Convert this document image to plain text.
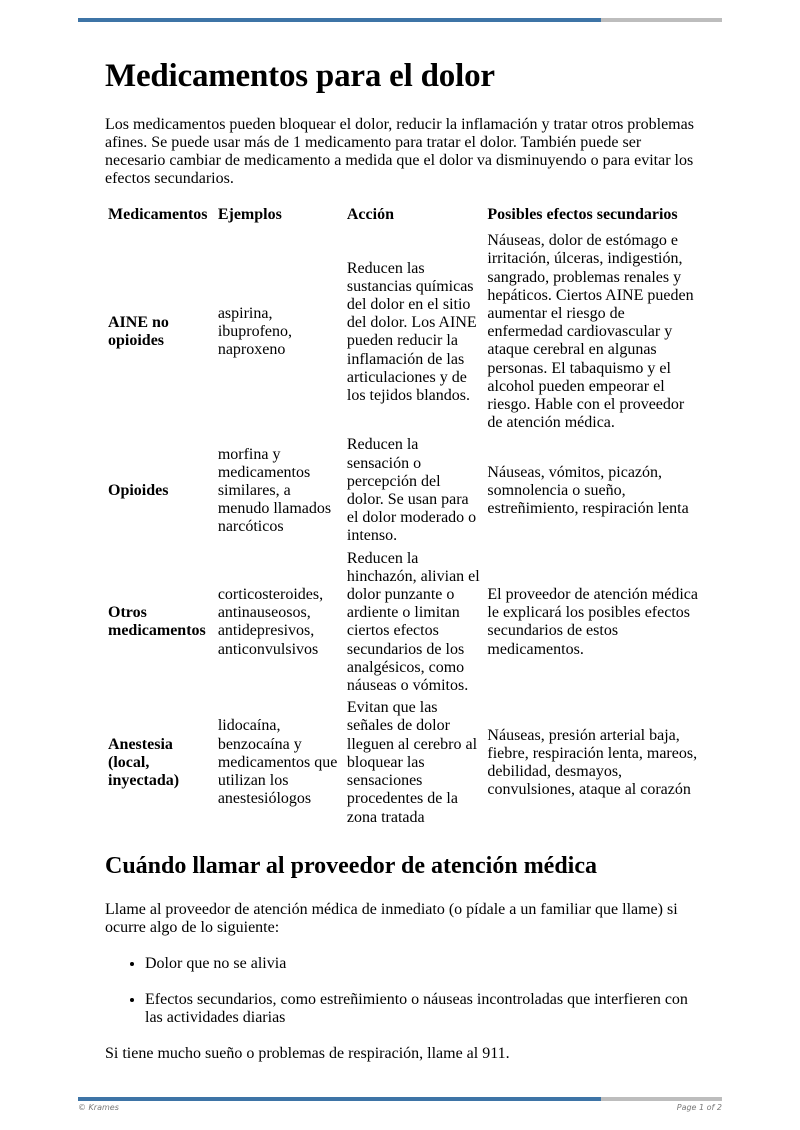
Medicamentos para el dolor

Los medicamentos pueden bloquear el dolor, reducir la inflamación y tratar otros problemas afines. Se puede usar más de 1 medicamento para tratar el dolor. También puede ser necesario cambiar de medicamento a medida que el dolor va disminuyendo o para evitar los efectos secundarios.

Medicamentos	Ejemplos	Acción	Posibles efectos secundarios
AINE no opioides	aspirina, ibuprofeno, naproxeno	Reducen las sustancias químicas del dolor en el sitio del dolor. Los AINE pueden reducir la inflamación de las articulaciones y de los tejidos blandos.	Náuseas, dolor de estómago e irritación, úlceras, indigestión, sangrado, problemas renales y hepáticos. Ciertos AINE pueden aumentar el riesgo de enfermedad cardiovascular y ataque cerebral en algunas personas. El tabaquismo y el alcohol pueden empeorar el riesgo. Hable con el proveedor de atención médica.
Opioides	morfina y medicamentos similares, a menudo llamados narcóticos	Reducen la sensación o percepción del dolor. Se usan para el dolor moderado o intenso.	Náuseas, vómitos, picazón, somnolencia o sueño, estreñimiento, respiración lenta
Otros medicamentos	corticosteroides, antinauseosos, antidepresivos, anticonvulsivos	Reducen la hinchazón, alivian el dolor punzante o ardiente o limitan ciertos efectos secundarios de los analgésicos, como náuseas o vómitos.	El proveedor de atención médica le explicará los posibles efectos secundarios de estos medicamentos.
Anestesia (local, inyectada)	lidocaína, benzocaína y medicamentos que utilizan los anestesiólogos	Evitan que las señales de dolor lleguen al cerebro al bloquear las sensaciones procedentes de la zona tratada	Náuseas, presión arterial baja, fiebre, respiración lenta, mareos, debilidad, desmayos, convulsiones, ataque al corazón
Cuándo llamar al proveedor de atención médica

Llame al proveedor de atención médica de inmediato (o pídale a un familiar que llame) si ocurre algo de lo siguiente:

• Dolor que no se alivia
• Efectos secundarios, como estreñimiento o náuseas incontroladas que interfieren con las actividades diarias

Si tiene mucho sueño o problemas de respiración, llame al 911.

© Krames	Page 1 of 2
